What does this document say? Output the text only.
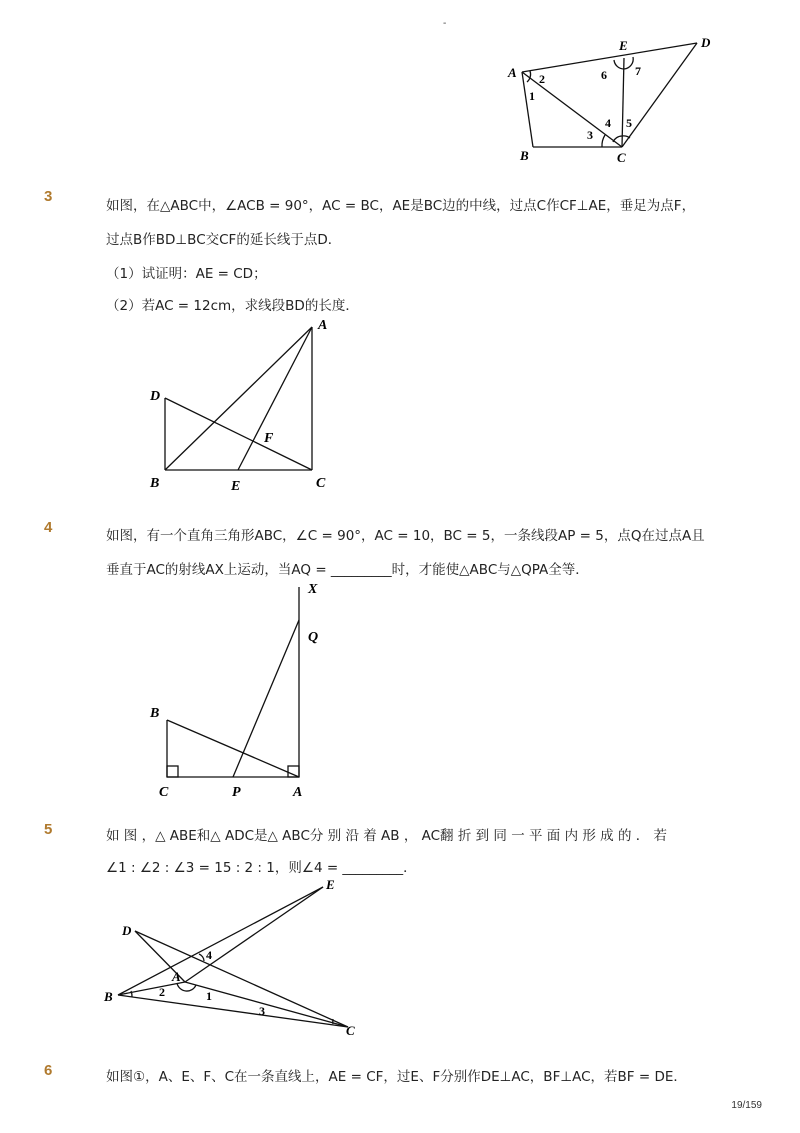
-
A
B	C
D
E
1
2
3
4 5
6 7
3
如图，在△ABC中，∠ACB = 90°，AC = BC，AE是BC边的中线，过点C作CF⊥AE，垂足为点F，
过点B作BD⊥BC交CF的延长线于点D．
（1）试证明：AE = CD；
（2）若AC = 12cm，求线段BD的长度．
A
B	C
D
E
F
4	如图，有一个直角三角形ABC，∠C = 90°，AC = 10，BC = 5，一条线段AP = 5，点Q在过点A且
垂直于AC的射线AX上运动，当AQ = _________时，才能使△ABC与△QPA全等．
X
Q
B
C	P	A
5	如 图 ，△ ABE和△ ADC是△ ABC分 别 沿 着 AB ， AC翻 折 到 同 一 平 面 内 形 成 的 ． 若
∠1 : ∠2 : ∠3 = 15 : 2 : 1，则∠4 = _________．
E
D
A
B
C
1
2
3
4
6	如图①，A、E、F、C在一条直线上，AE = CF，过E、F分别作DE⊥AC，BF⊥AC，若BF = DE．
19/159
